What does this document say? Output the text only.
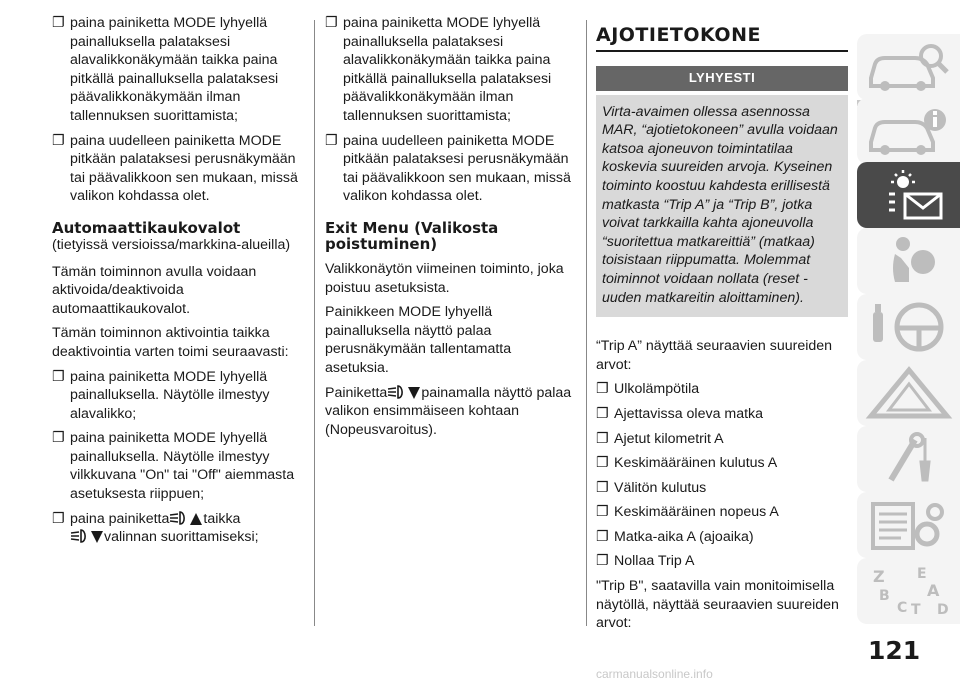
❐ paina painiketta MODE lyhyellä painalluksella palataksesi alavalikkonäkymään taikka paina pitkällä painalluksella palataksesi päävalikkonäkymään ilman tallennuksen suorittamista;

❐ paina uudelleen painiketta MODE pitkään palataksesi perusnäkymään tai päävalikkoon sen mukaan, missä valikon kohdassa olet.

Automaattikaukovalot
(tietyissä versioissa/markkina-alueilla)

Tämän toiminnon avulla voidaan aktivoida/deaktivoida automaattikaukovalot.

Tämän toiminnon aktivointia taikka deaktivointia varten toimi seuraavasti:

❐ paina painiketta MODE lyhyellä painalluksella. Näytölle ilmestyy alavalikko;

❐ paina painiketta MODE lyhyellä painalluksella. Näytölle ilmestyy vilkkuvana "On" tai "Off" aiemmasta asetuksesta riippuen;

❐ paina painiketta taikka
valinnan suorittamiseksi;

❐ paina painiketta MODE lyhyellä painalluksella palataksesi alavalikkonäkymään taikka paina pitkällä painalluksella palataksesi päävalikkonäkymään ilman tallennuksen suorittamista;

❐ paina uudelleen painiketta MODE pitkään palataksesi perusnäkymään tai päävalikkoon sen mukaan, missä valikon kohdassa olet.

Exit Menu (Valikosta poistuminen)

Valikkonäytön viimeinen toiminto, joka poistuu asetuksista.

Painikkeen MODE lyhyellä painalluksella näyttö palaa perusnäkymään tallentamatta asetuksia.

Painiketta painamalla näyttö palaa valikon ensimmäiseen kohtaan (Nopeusvaroitus).

AJOTIETOKONE
LYHYESTI
Virta-avaimen ollessa asennossa MAR, “ajotietokoneen” avulla voidaan katsoa ajoneuvon toimintatilaa koskevia suureiden arvoja. Kyseinen toiminto koostuu kahdesta erillisestä matkasta “Trip A” ja “Trip B”, jotka voivat tarkkailla kahta ajoneuvolla “suoritettua matkareittiä” (matkaa) toisistaan riippumatta. Molemmat toiminnot voidaan nollata (reset - uuden matkareitin aloittaminen).

“Trip A” näyttää seuraavien suureiden arvot:

❐ Ulkolämpötila

❐ Ajettavissa oleva matka

❐ Ajetut kilometrit A

❐ Keskimääräinen kulutus A

❐ Välitön kulutus

❐ Keskimääräinen nopeus A

❐ Matka-aika A (ajoaika)

❐ Nollaa Trip A

"Trip B", saatavilla vain monitoimisella näytöllä, näyttää seuraavien suureiden arvot:

Z E
A
B
C T D
121
carmanualsonline.info
